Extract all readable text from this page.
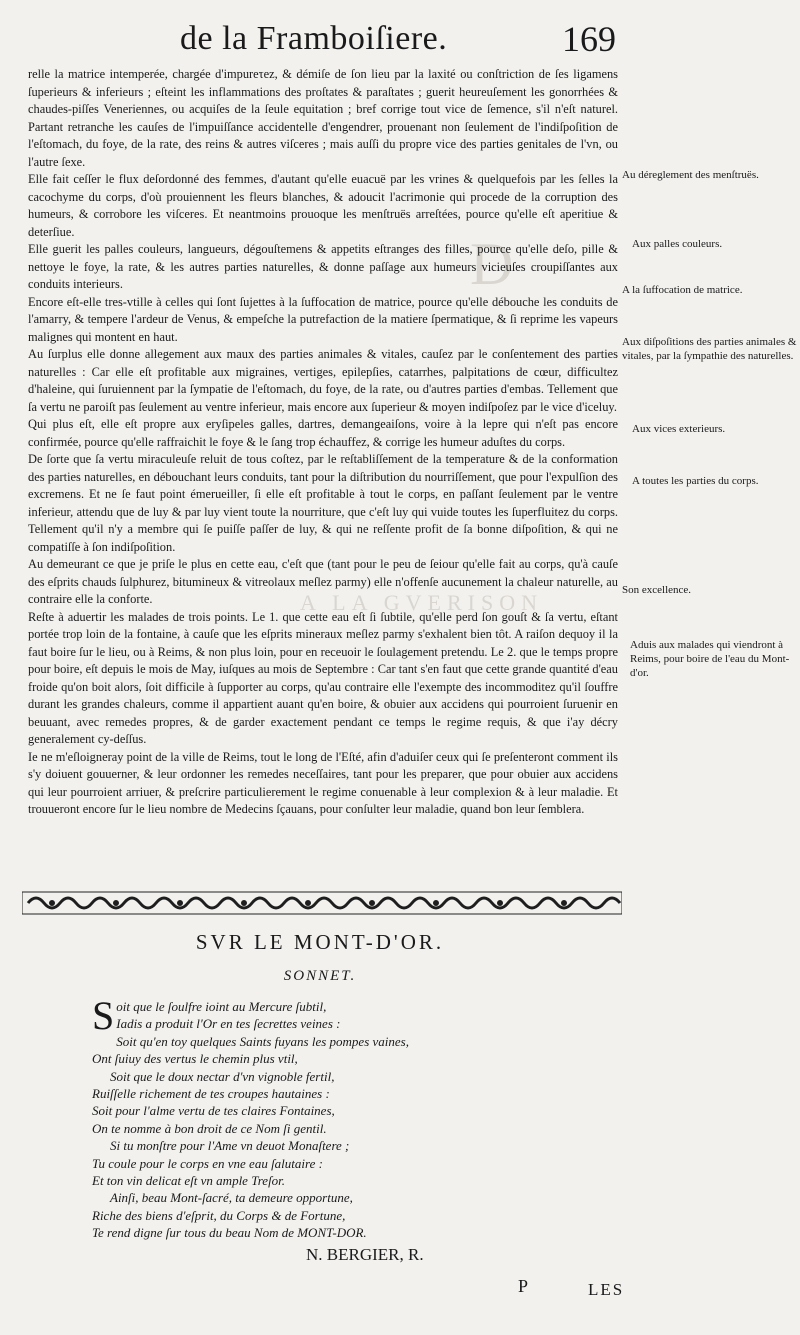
D
A LA GVERISON
de la Framboiſiere.	169

relle la matrice intemperée, chargée d'impureτez, & démiſe de ſon lieu par la laxité ou conſtriction de ſes ligamens ſuperieurs & inferieurs ; eſteint les inflammations des proſtates & paraſtates ; guerit heureuſement les gonorrhées & chaudes-piſſes Veneriennes, ou acquiſes de la ſeule equitation ; bref corrige tout vice de ſemence, s'il n'eſt naturel. Partant retranche les cauſes de l'impuiſſance accidentelle d'engendrer, prouenant non ſeulement de l'indiſpoſition de l'eſtomach, du foye, de la rate, des reins & autres viſceres ; mais auſſi du propre vice des parties genitales de l'vn, ou l'autre ſexe.

Elle fait ceſſer le flux deſordonné des femmes, d'autant qu'elle euacuë par les vrines & quelquefois par les ſelles la cacochyme du corps, d'où prouiennent les fleurs blanches, & adoucit l'acrimonie qui procede de la corruption des humeurs, & corrobore les viſceres. Et neantmoins prouoque les menſtruës arreſtées, pource qu'elle eſt aperitiue & deterſiue.

Elle guerit les palles couleurs, langueurs, dégouſtemens & appetits eſtranges des filles, pource qu'elle deſo, pille & nettoye le foye, la rate, & les autres parties naturelles, & donne paſſage aux humeurs vicieuſes croupiſſantes aux conduits interieurs.

Encore eſt-elle tres-vtille à celles qui ſont ſujettes à la ſuffocation de matrice, pource qu'elle débouche les conduits de l'amarry, & tempere l'ardeur de Venus, & empeſche la putrefaction de la matiere ſpermatique, & ſi reprime les vapeurs malignes qui montent en haut.

Au ſurplus elle donne allegement aux maux des parties animales & vitales, cauſez par le conſentement des parties naturelles : Car elle eſt profitable aux migraines, vertiges, epilepſies, catarrhes, palpitations de cœur, difficultez d'haleine, qui ſuruiennent par la ſympatie de l'eſtomach, du foye, de la rate, ou d'autres parties d'embas. Tellement que ſa vertu ne paroiſt pas ſeulement au ventre inferieur, mais encore aux ſuperieur & moyen indiſpoſez par le vice d'iceluy.

Qui plus eſt, elle eſt propre aux eryſipeles galles, dartres, demangeaiſons, voire à la lepre qui n'eſt pas encore confirmée, pource qu'elle raffraichit le foye & le ſang trop échauffez, & corrige les humeur aduſtes du corps.

De ſorte que ſa vertu miraculeuſe reluit de tous coſtez, par le reſtabliſſement de la temperature & de la conformation des parties naturelles, en débouchant leurs conduits, tant pour la diſtribution du nourriſſement, que pour l'expulſion des excremens. Et ne ſe faut point émerueiller, ſi elle eſt profitable à tout le corps, en paſſant ſeulement par le ventre inferieur, attendu que de luy & par luy vient toute la nourriture, que c'eſt luy qui vuide toutes les ſuperfluitez du corps. Tellement qu'il n'y a membre qui ſe puiſſe paſſer de luy, & qui ne reſſente profit de ſa bonne diſpoſition, & qui ne compatiſſe à ſon indiſpoſition.

Au demeurant ce que je priſe le plus en cette eau, c'eſt que (tant pour le peu de ſeiour qu'elle fait au corps, qu'à cauſe des eſprits chauds ſulphurez, bitumineux & vitreolaux meſlez parmy) elle n'offenſe aucunement la chaleur naturelle, au contraire elle la conforte.

Reſte à aduertir les malades de trois points. Le 1. que cette eau eſt ſi ſubtile, qu'elle perd ſon gouſt & ſa vertu, eſtant portée trop loin de la fontaine, à cauſe que les eſprits mineraux meſlez parmy s'exhalent bien tôt. A raiſon dequoy il la faut boire ſur le lieu, ou à Reims, & non plus loin, pour en receuoir le ſoulagement pretendu. Le 2. que le temps propre pour boire, eſt depuis le mois de May, iuſques au mois de Septembre : Car tant s'en faut que cette grande quantité d'eau froide qu'on boit alors, ſoit difficile à ſupporter au corps, qu'au contraire elle l'exempte des incommoditez qu'il ſouffre durant les grandes chaleurs, comme il appartient auant qu'en boire, & obuier aux accidens qui pourroient ſuruenir en beuuant, avec remedes propres, & de garder exactement pendant ce temps le regime requis, & que i'ay décry generalement cy-deſſus.

Ie ne m'eſloigneray point de la ville de Reims, tout le long de l'Eſté, afin d'aduiſer ceux qui ſe preſenteront comment ils s'y doiuent gouuerner, & leur ordonner les remedes neceſſaires, tant pour les preparer, que pour obuier aux accidens qui leur pourroient arriuer, & preſcrire particulierement le regime conuenable à leur complexion & à leur maladie. Et trouueront encore ſur le lieu nombre de Medecins ſçauans, pour conſulter leur maladie, quand bon leur ſemblera.

Au déreglement des menſtruës.
Aux palles couleurs.
A la ſuffocation de matrice.
Aux diſpoſitions des parties animales & vitales, par la ſympathie des naturelles.
Aux vices exterieurs.
A toutes les parties du corps.
Son excellence.
Aduis aux malades qui viendront à Reims, pour boire de l'eau du Mont-d'or.
SVR LE MONT-D'OR.
SONNET.
S oit que le ſoulfre ioint au Mercure ſubtil,
Iadis a produit l'Or en tes ſecrettes veines :
Soit qu'en toy quelques Saints fuyans les pompes vaines,
Ont ſuiuy des vertus le chemin plus vtil,
Soit que le doux nectar d'vn vignoble fertil,
Ruiſſelle richement de tes croupes hautaines :
Soit pour l'alme vertu de tes claires Fontaines,
On te nomme à bon droit de ce Nom ſi gentil.
Si tu monſtre pour l'Ame vn deuot Monaſtere ;
Tu coule pour le corps en vne eau ſalutaire :
Et ton vin delicat eſt vn ample Treſor.
Ainſi, beau Mont-ſacré, ta demeure opportune,
Riche des biens d'eſprit, du Corps & de Fortune,
Te rend digne ſur tous du beau Nom de MONT-DOR.
N. BERGIER, R.
P	LES
